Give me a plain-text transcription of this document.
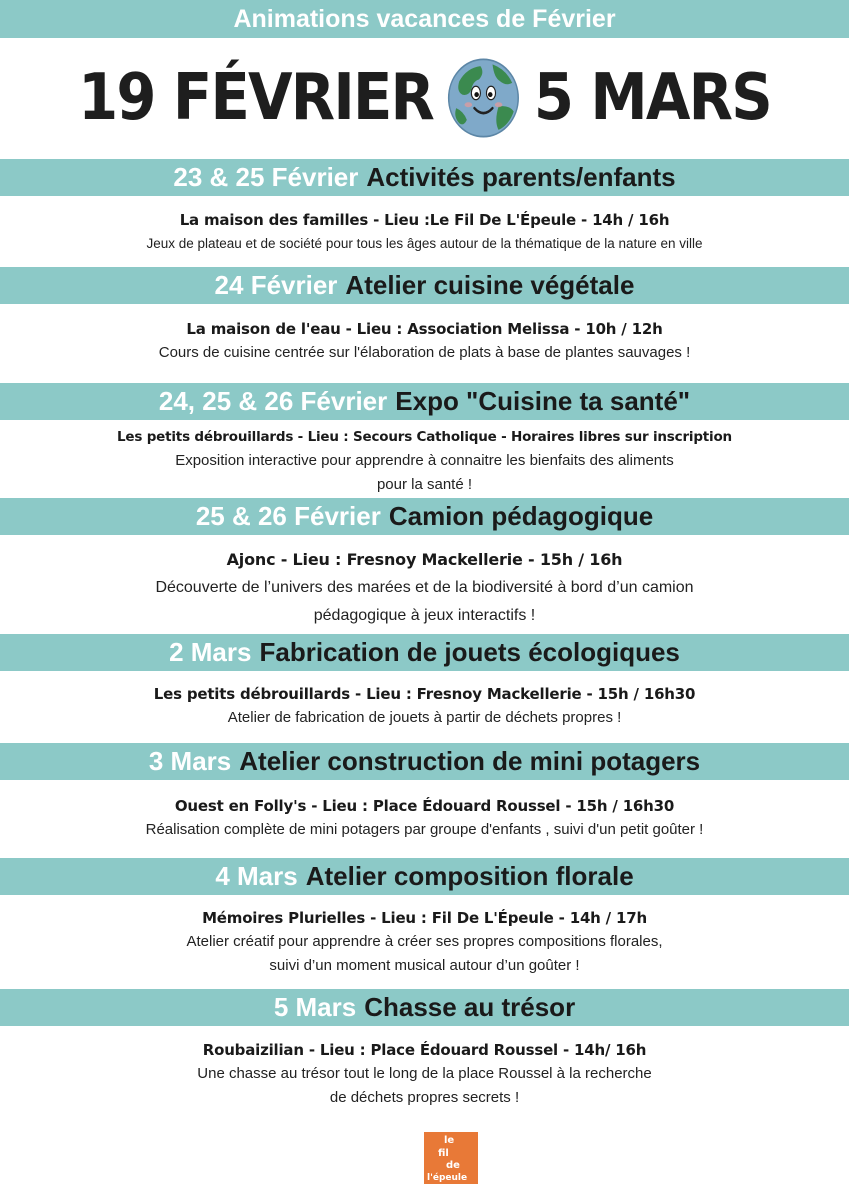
Animations vacances de Février
19 FÉVRIER 5 MARS
23 & 25 Février Activités parents/enfants
La maison des familles - Lieu :Le Fil De L'Épeule - 14h / 16h
Jeux de plateau et de société pour tous les âges autour de la thématique de la nature en ville
24 Février Atelier cuisine végétale
La maison de l'eau - Lieu : Association Melissa - 10h / 12h
Cours de cuisine centrée sur l'élaboration de plats à base de plantes sauvages !
24, 25 & 26 Février Expo "Cuisine ta santé"
Les petits débrouillards - Lieu : Secours Catholique - Horaires libres sur inscription
Exposition interactive pour apprendre à connaitre les bienfaits des aliments
pour la santé !
25 & 26 Février Camion pédagogique
Ajonc - Lieu : Fresnoy Mackellerie - 15h / 16h
Découverte de l’univers des marées et de la biodiversité à bord d’un camion
pédagogique à jeux interactifs !
2 Mars Fabrication de jouets écologiques
Les petits débrouillards - Lieu : Fresnoy Mackellerie - 15h / 16h30
Atelier de fabrication de jouets à partir de déchets propres !
3 Mars Atelier construction de mini potagers
Ouest en Folly's - Lieu : Place Édouard Roussel - 15h / 16h30
Réalisation complète de mini potagers par groupe d'enfants , suivi d'un petit goûter !
4 Mars Atelier composition florale
Mémoires Plurielles - Lieu : Fil De L'Épeule - 14h / 17h
Atelier créatif pour apprendre à créer ses propres compositions florales,
suivi d’un moment musical autour d’un goûter !
5 Mars Chasse au trésor
Roubaizilian - Lieu : Place Édouard Roussel - 14h/ 16h
Une chasse au trésor tout le long de la place Roussel à la recherche
de déchets propres secrets !
le
fil
de
l'épeule
